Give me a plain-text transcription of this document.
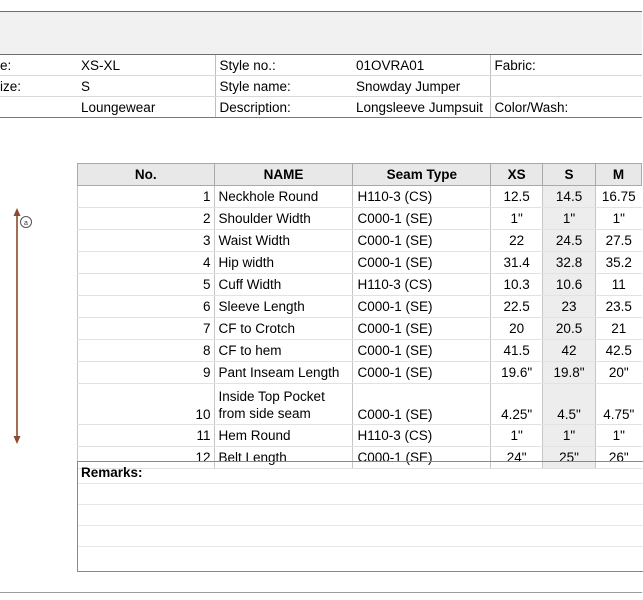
e:	XS-XL	Style no.:	01OVRA01	Fabric:
ize:	S	Style name:	Snowday Jumper	
	Loungewear	Description:	Longsleeve Jumpsuit	Color/Wash:
a
No.	NAME	Seam Type	XS	S	M
1	Neckhole Round	H110-3 (CS)	12.5	14.5	16.75
2	Shoulder Width	C000-1 (SE)	1"	1"	1"
3	Waist Width	C000-1 (SE)	22	24.5	27.5
4	Hip width	C000-1 (SE)	31.4	32.8	35.2
5	Cuff Width	H110-3 (CS)	10.3	10.6	11
6	Sleeve Length	C000-1 (SE)	22.5	23	23.5
7	CF to Crotch	C000-1 (SE)	20	20.5	21
8	CF to hem	C000-1 (SE)	41.5	42	42.5
9	Pant Inseam Length	C000-1 (SE)	19.6"	19.8"	20"
10	Inside Top Pocket from side seam	C000-1 (SE)	4.25"	4.5"	4.75"
11	Hem Round	H110-3 (CS)	1"	1"	1"
12	Belt Length	C000-1 (SE)	24"	25"	26"
Remarks:
